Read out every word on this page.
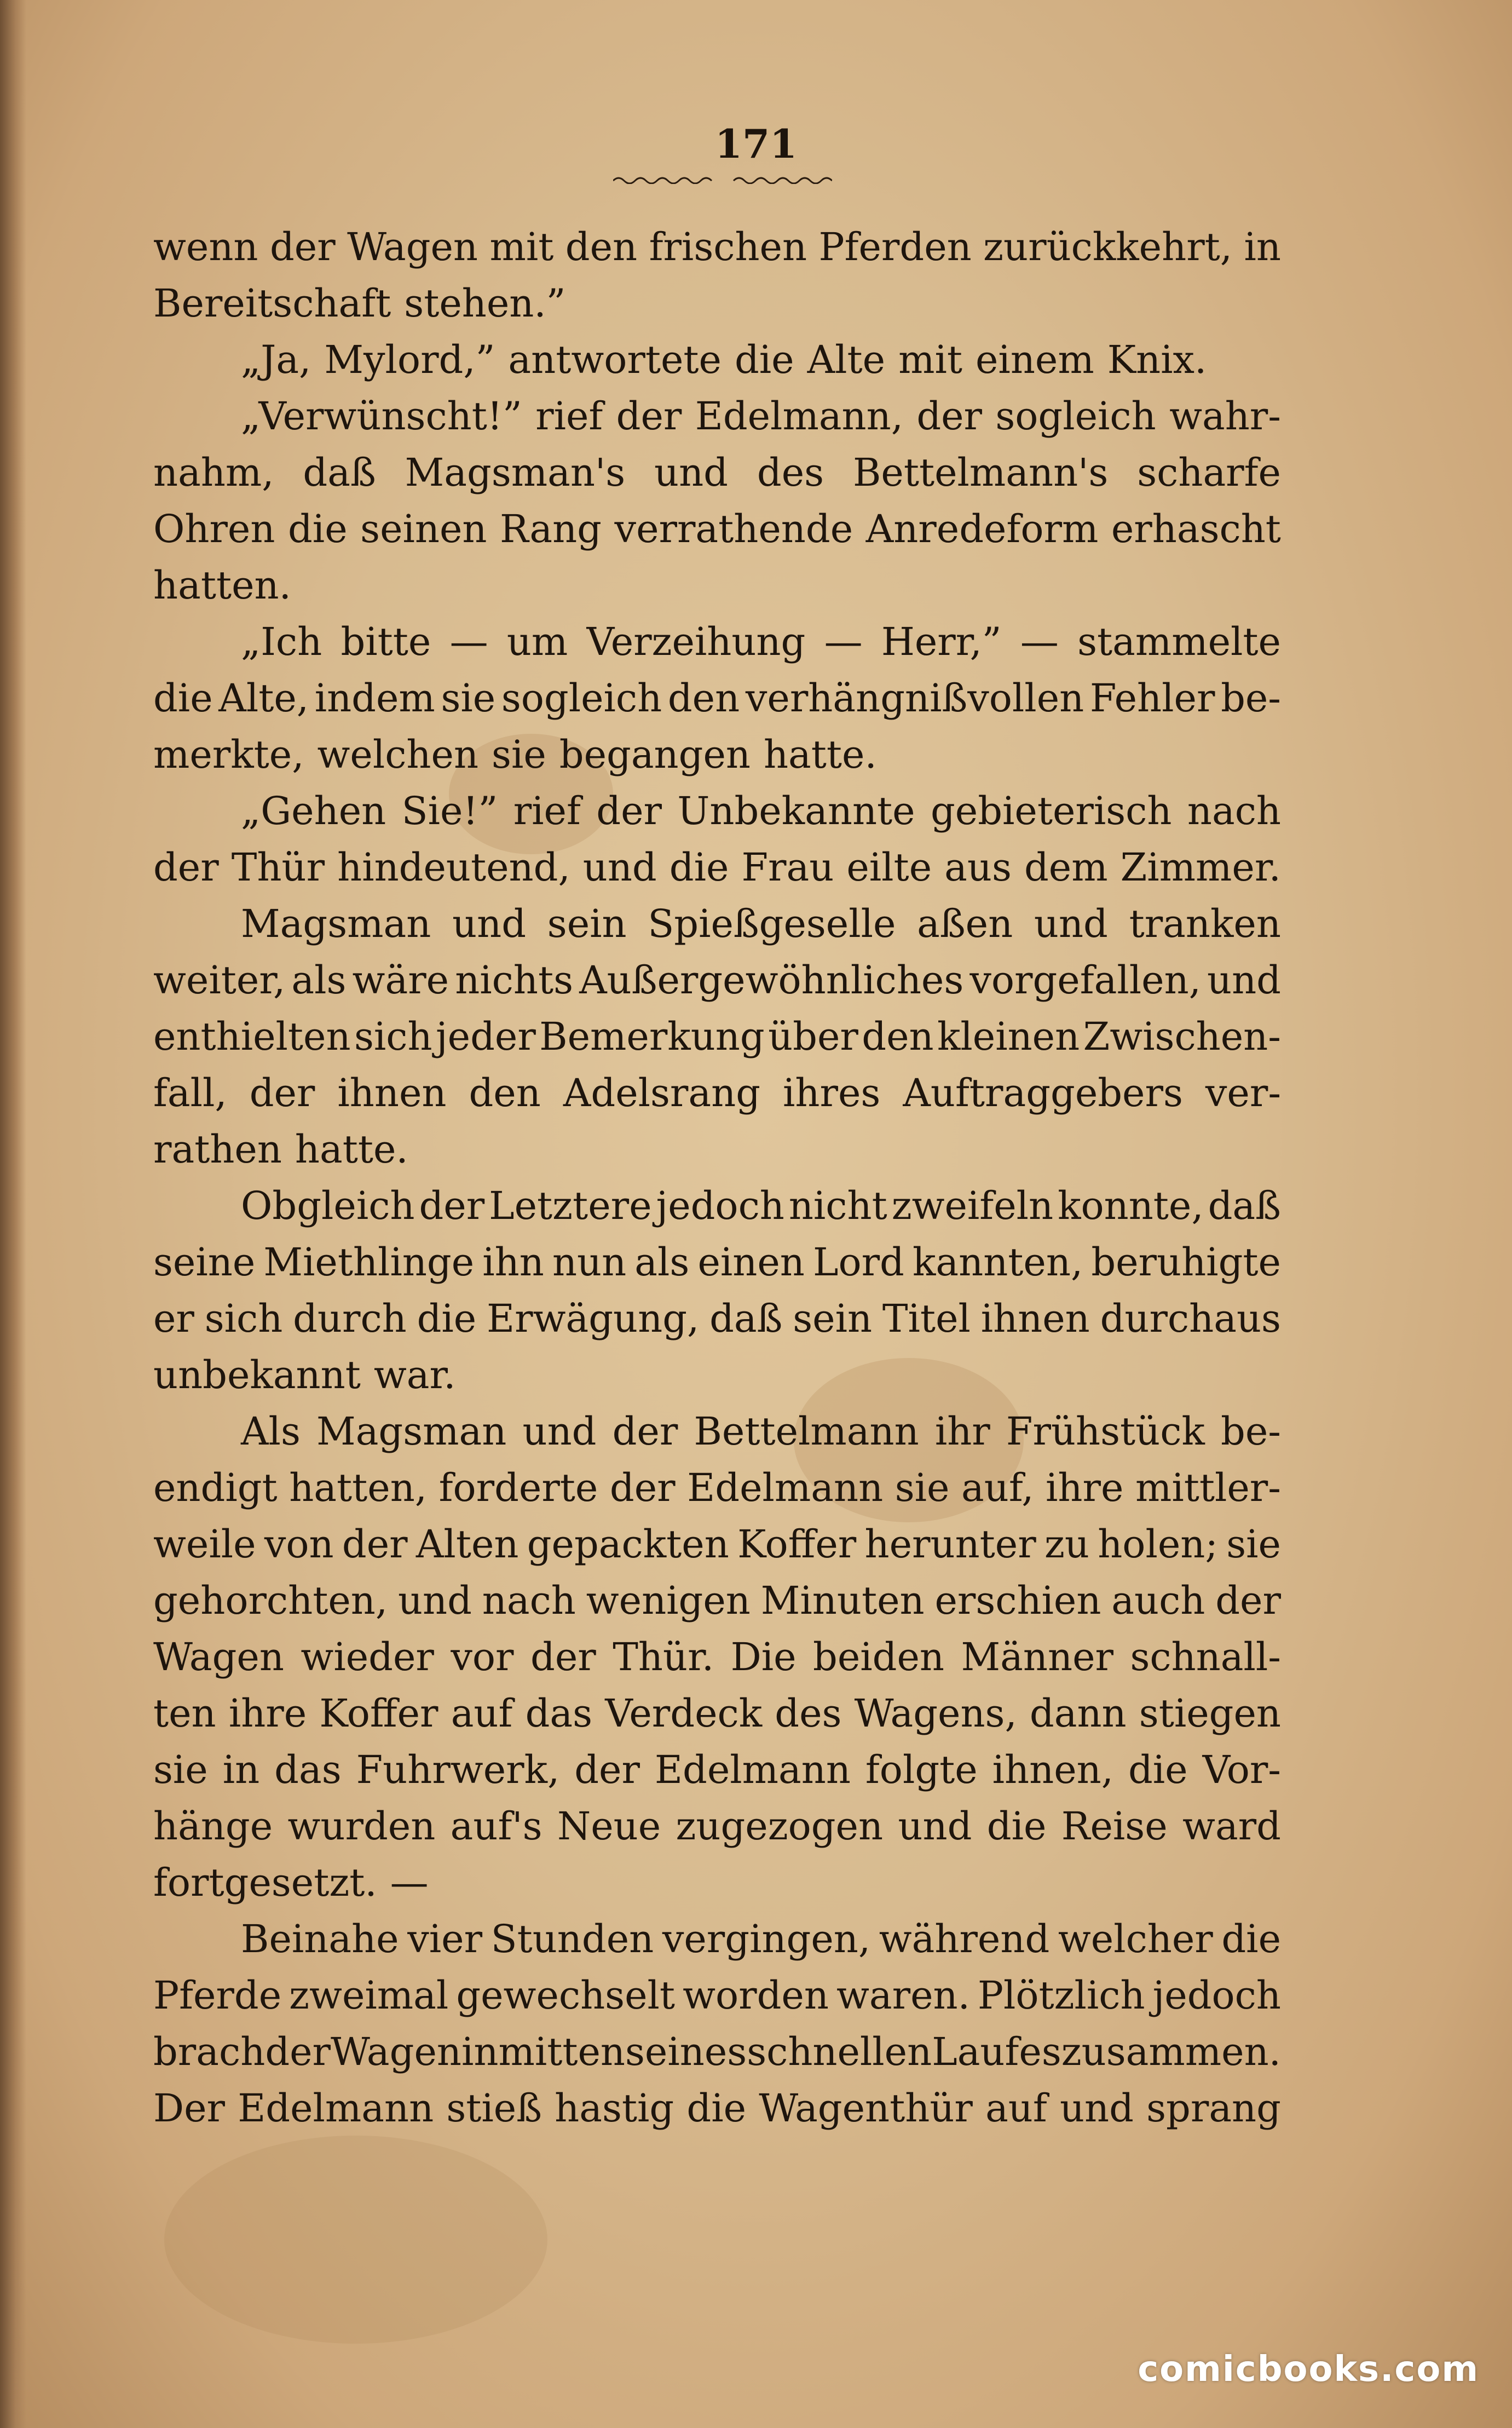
171
wenn der Wagen mit den frischen Pferden zurückkehrt, in
Bereitschaft stehen.”
„Ja, Mylord,” antwortete die Alte mit einem Knix.
„Verwünscht!” rief der Edelmann, der sogleich wahr-
nahm, daß Magsman's und des Bettelmann's scharfe
Ohren die seinen Rang verrathende Anredeform erhascht
hatten.
„Ich bitte — um Verzeihung — Herr,” — stammelte
die Alte, indem sie sogleich den verhängnißvollen Fehler be-
merkte, welchen sie begangen hatte.
„Gehen Sie!” rief der Unbekannte gebieterisch nach
der Thür hindeutend, und die Frau eilte aus dem Zimmer.
Magsman und sein Spießgeselle aßen und tranken
weiter, als wäre nichts Außergewöhnliches vorgefallen, und
enthielten sich jeder Bemerkung über den kleinen Zwischen-
fall, der ihnen den Adelsrang ihres Auftraggebers ver-
rathen hatte.
Obgleich der Letztere jedoch nicht zweifeln konnte, daß
seine Miethlinge ihn nun als einen Lord kannten, beruhigte
er sich durch die Erwägung, daß sein Titel ihnen durchaus
unbekannt war.
Als Magsman und der Bettelmann ihr Frühstück be-
endigt hatten, forderte der Edelmann sie auf, ihre mittler-
weile von der Alten gepackten Koffer herunter zu holen; sie
gehorchten, und nach wenigen Minuten erschien auch der
Wagen wieder vor der Thür. Die beiden Männer schnall-
ten ihre Koffer auf das Verdeck des Wagens, dann stiegen
sie in das Fuhrwerk, der Edelmann folgte ihnen, die Vor-
hänge wurden auf's Neue zugezogen und die Reise ward
fortgesetzt. —
Beinahe vier Stunden vergingen, während welcher die
Pferde zweimal gewechselt worden waren. Plötzlich jedoch
brach der Wagen inmitten seines schnellen Laufes zusammen.
Der Edelmann stieß hastig die Wagenthür auf und sprang
comicbooks.com
